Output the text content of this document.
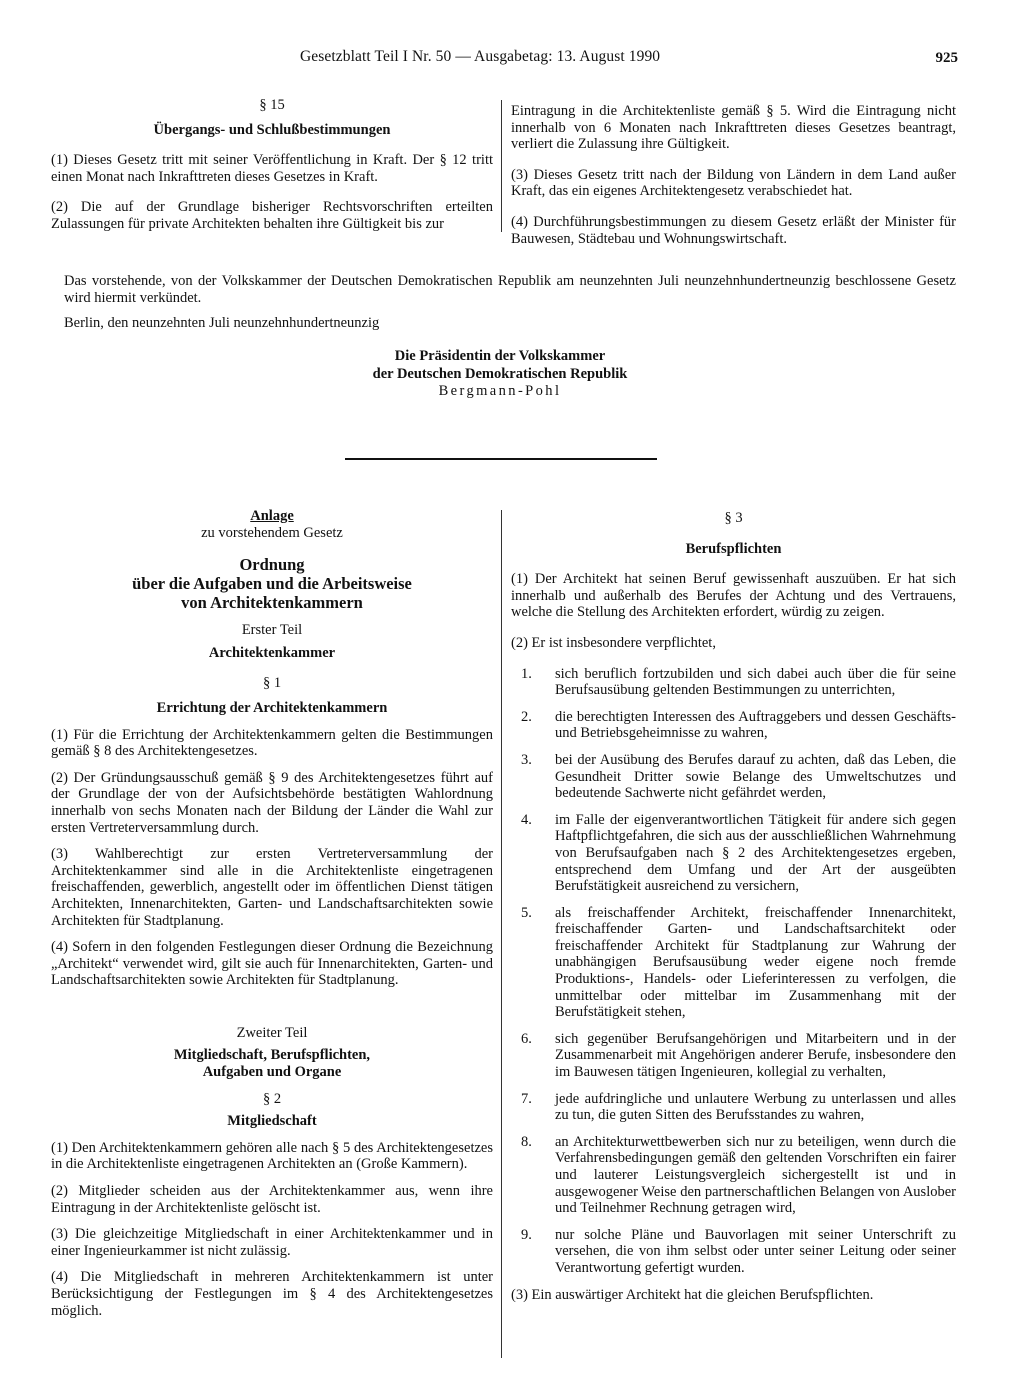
Gesetzblatt Teil I Nr. 50 — Ausgabetag: 13. August 1990	925

§ 15

Übergangs- und Schlußbestimmungen

(1) Dieses Gesetz tritt mit seiner Veröffentlichung in Kraft. Der § 12 tritt einen Monat nach Inkrafttreten dieses Gesetzes in Kraft.

(2) Die auf der Grundlage bisheriger Rechtsvorschriften erteilten Zulassungen für private Architekten behalten ihre Gültigkeit bis zur

Eintragung in die Architektenliste gemäß § 5. Wird die Eintragung nicht innerhalb von 6 Monaten nach Inkrafttreten dieses Gesetzes beantragt, verliert die Zulassung ihre Gültigkeit.

(3) Dieses Gesetz tritt nach der Bildung von Ländern in dem Land außer Kraft, das ein eigenes Architektengesetz verabschiedet hat.

(4) Durchführungsbestimmungen zu diesem Gesetz erläßt der Minister für Bauwesen, Städtebau und Wohnungswirtschaft.

Das vorstehende, von der Volkskammer der Deutschen Demokratischen Republik am neunzehnten Juli neunzehnhundertneunzig beschlossene Gesetz wird hiermit verkündet.

Berlin, den neunzehnten Juli neunzehnhundertneunzig

Die Präsidentin der Volkskammer

der Deutschen Demokratischen Republik

Bergmann-Pohl

Anlage

zu vorstehendem Gesetz

Ordnung

über die Aufgaben und die Arbeitsweise

von Architektenkammern

Erster Teil

Architektenkammer

§ 1

Errichtung der Architektenkammern

(1) Für die Errichtung der Architektenkammern gelten die Bestimmungen gemäß § 8 des Architektengesetzes.

(2) Der Gründungsausschuß gemäß § 9 des Architektengesetzes führt auf der Grundlage der von der Aufsichtsbehörde bestätigten Wahlordnung innerhalb von sechs Monaten nach der Bildung der Länder die Wahl zur ersten Vertreterversammlung durch.

(3) Wahlberechtigt zur ersten Vertreterversammlung der Architektenkammer sind alle in die Architektenliste eingetragenen freischaffenden, gewerblich, angestellt oder im öffentlichen Dienst tätigen Architekten, Innenarchitekten, Garten- und Landschaftsarchitekten sowie Architekten für Stadtplanung.

(4) Sofern in den folgenden Festlegungen dieser Ordnung die Bezeichnung „Architekt“ verwendet wird, gilt sie auch für Innenarchitekten, Garten- und Landschaftsarchitekten sowie Architekten für Stadtplanung.

Zweiter Teil

Mitgliedschaft, Berufspflichten,

Aufgaben und Organe

§ 2

Mitgliedschaft

(1) Den Architektenkammern gehören alle nach § 5 des Architektengesetzes in die Architektenliste eingetragenen Architekten an (Große Kammern).

(2) Mitglieder scheiden aus der Architektenkammer aus, wenn ihre Eintragung in der Architektenliste gelöscht ist.

(3) Die gleichzeitige Mitgliedschaft in einer Architektenkammer und in einer Ingenieurkammer ist nicht zulässig.

(4) Die Mitgliedschaft in mehreren Architektenkammern ist unter Berücksichtigung der Festlegungen im § 4 des Architektengesetzes möglich.

§ 3

Berufspflichten

(1) Der Architekt hat seinen Beruf gewissenhaft auszuüben. Er hat sich innerhalb und außerhalb des Berufes der Achtung und des Vertrauens, welche die Stellung des Architekten erfordert, würdig zu zeigen.

(2) Er ist insbesondere verpflichtet,

1.	sich beruflich fortzubilden und sich dabei auch über die für seine Berufsausübung geltenden Bestimmungen zu unterrichten,
2.	die berechtigten Interessen des Auftraggebers und dessen Geschäfts- und Betriebsgeheimnisse zu wahren,
3.	bei der Ausübung des Berufes darauf zu achten, daß das Leben, die Gesundheit Dritter sowie Belange des Umweltschutzes und bedeutende Sachwerte nicht gefährdet werden,
4.	im Falle der eigenverantwortlichen Tätigkeit für andere sich gegen Haftpflichtgefahren, die sich aus der ausschließlichen Wahrnehmung von Berufsaufgaben nach § 2 des Architektengesetzes ergeben, entsprechend dem Umfang und der Art der ausgeübten Berufstätigkeit ausreichend zu versichern,
5.	als freischaffender Architekt, freischaffender Innenarchitekt, freischaffender Garten- und Landschaftsarchitekt oder freischaffender Architekt für Stadtplanung zur Wahrung der unabhängigen Berufsausübung weder eigene noch fremde Produktions-, Handels- oder Lieferinteressen zu verfolgen, die unmittelbar oder mittelbar im Zusammenhang mit der Berufstätigkeit stehen,
6.	sich gegenüber Berufsangehörigen und Mitarbeitern und in der Zusammenarbeit mit Angehörigen anderer Berufe, insbesondere den im Bauwesen tätigen Ingenieuren, kollegial zu verhalten,
7.	jede aufdringliche und unlautere Werbung zu unterlassen und alles zu tun, die guten Sitten des Berufsstandes zu wahren,
8.	an Architekturwettbewerben sich nur zu beteiligen, wenn durch die Verfahrensbedingungen gemäß den geltenden Vorschriften ein fairer und lauterer Leistungsvergleich sichergestellt ist und in ausgewogener Weise den partnerschaftlichen Belangen von Auslober und Teilnehmer Rechnung getragen wird,
9.	nur solche Pläne und Bauvorlagen mit seiner Unterschrift zu versehen, die von ihm selbst oder unter seiner Leitung oder seiner Verantwortung gefertigt wurden.

(3) Ein auswärtiger Architekt hat die gleichen Berufspflichten.
